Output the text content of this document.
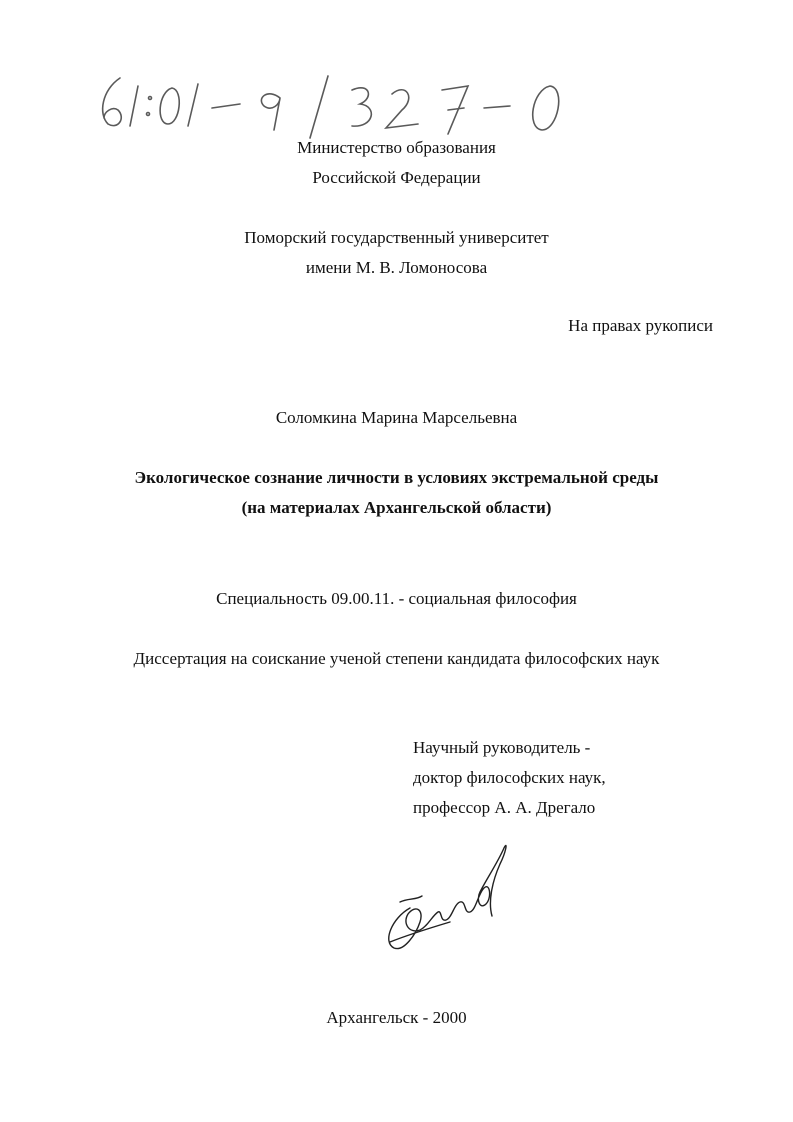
Министерство образования
Российской Федерации
Поморский государственный университет
имени М. В. Ломоносова
На правах рукописи
Соломкина Марина Марсельевна
Экологическое сознание личности в условиях экстремальной среды
(на материалах Архангельской области)
Специальность 09.00.11. - социальная философия
Диссертация на соискание ученой степени кандидата философских наук
Научный руководитель -
доктор философских наук,
профессор А. А. Дрегало
Архангельск - 2000
